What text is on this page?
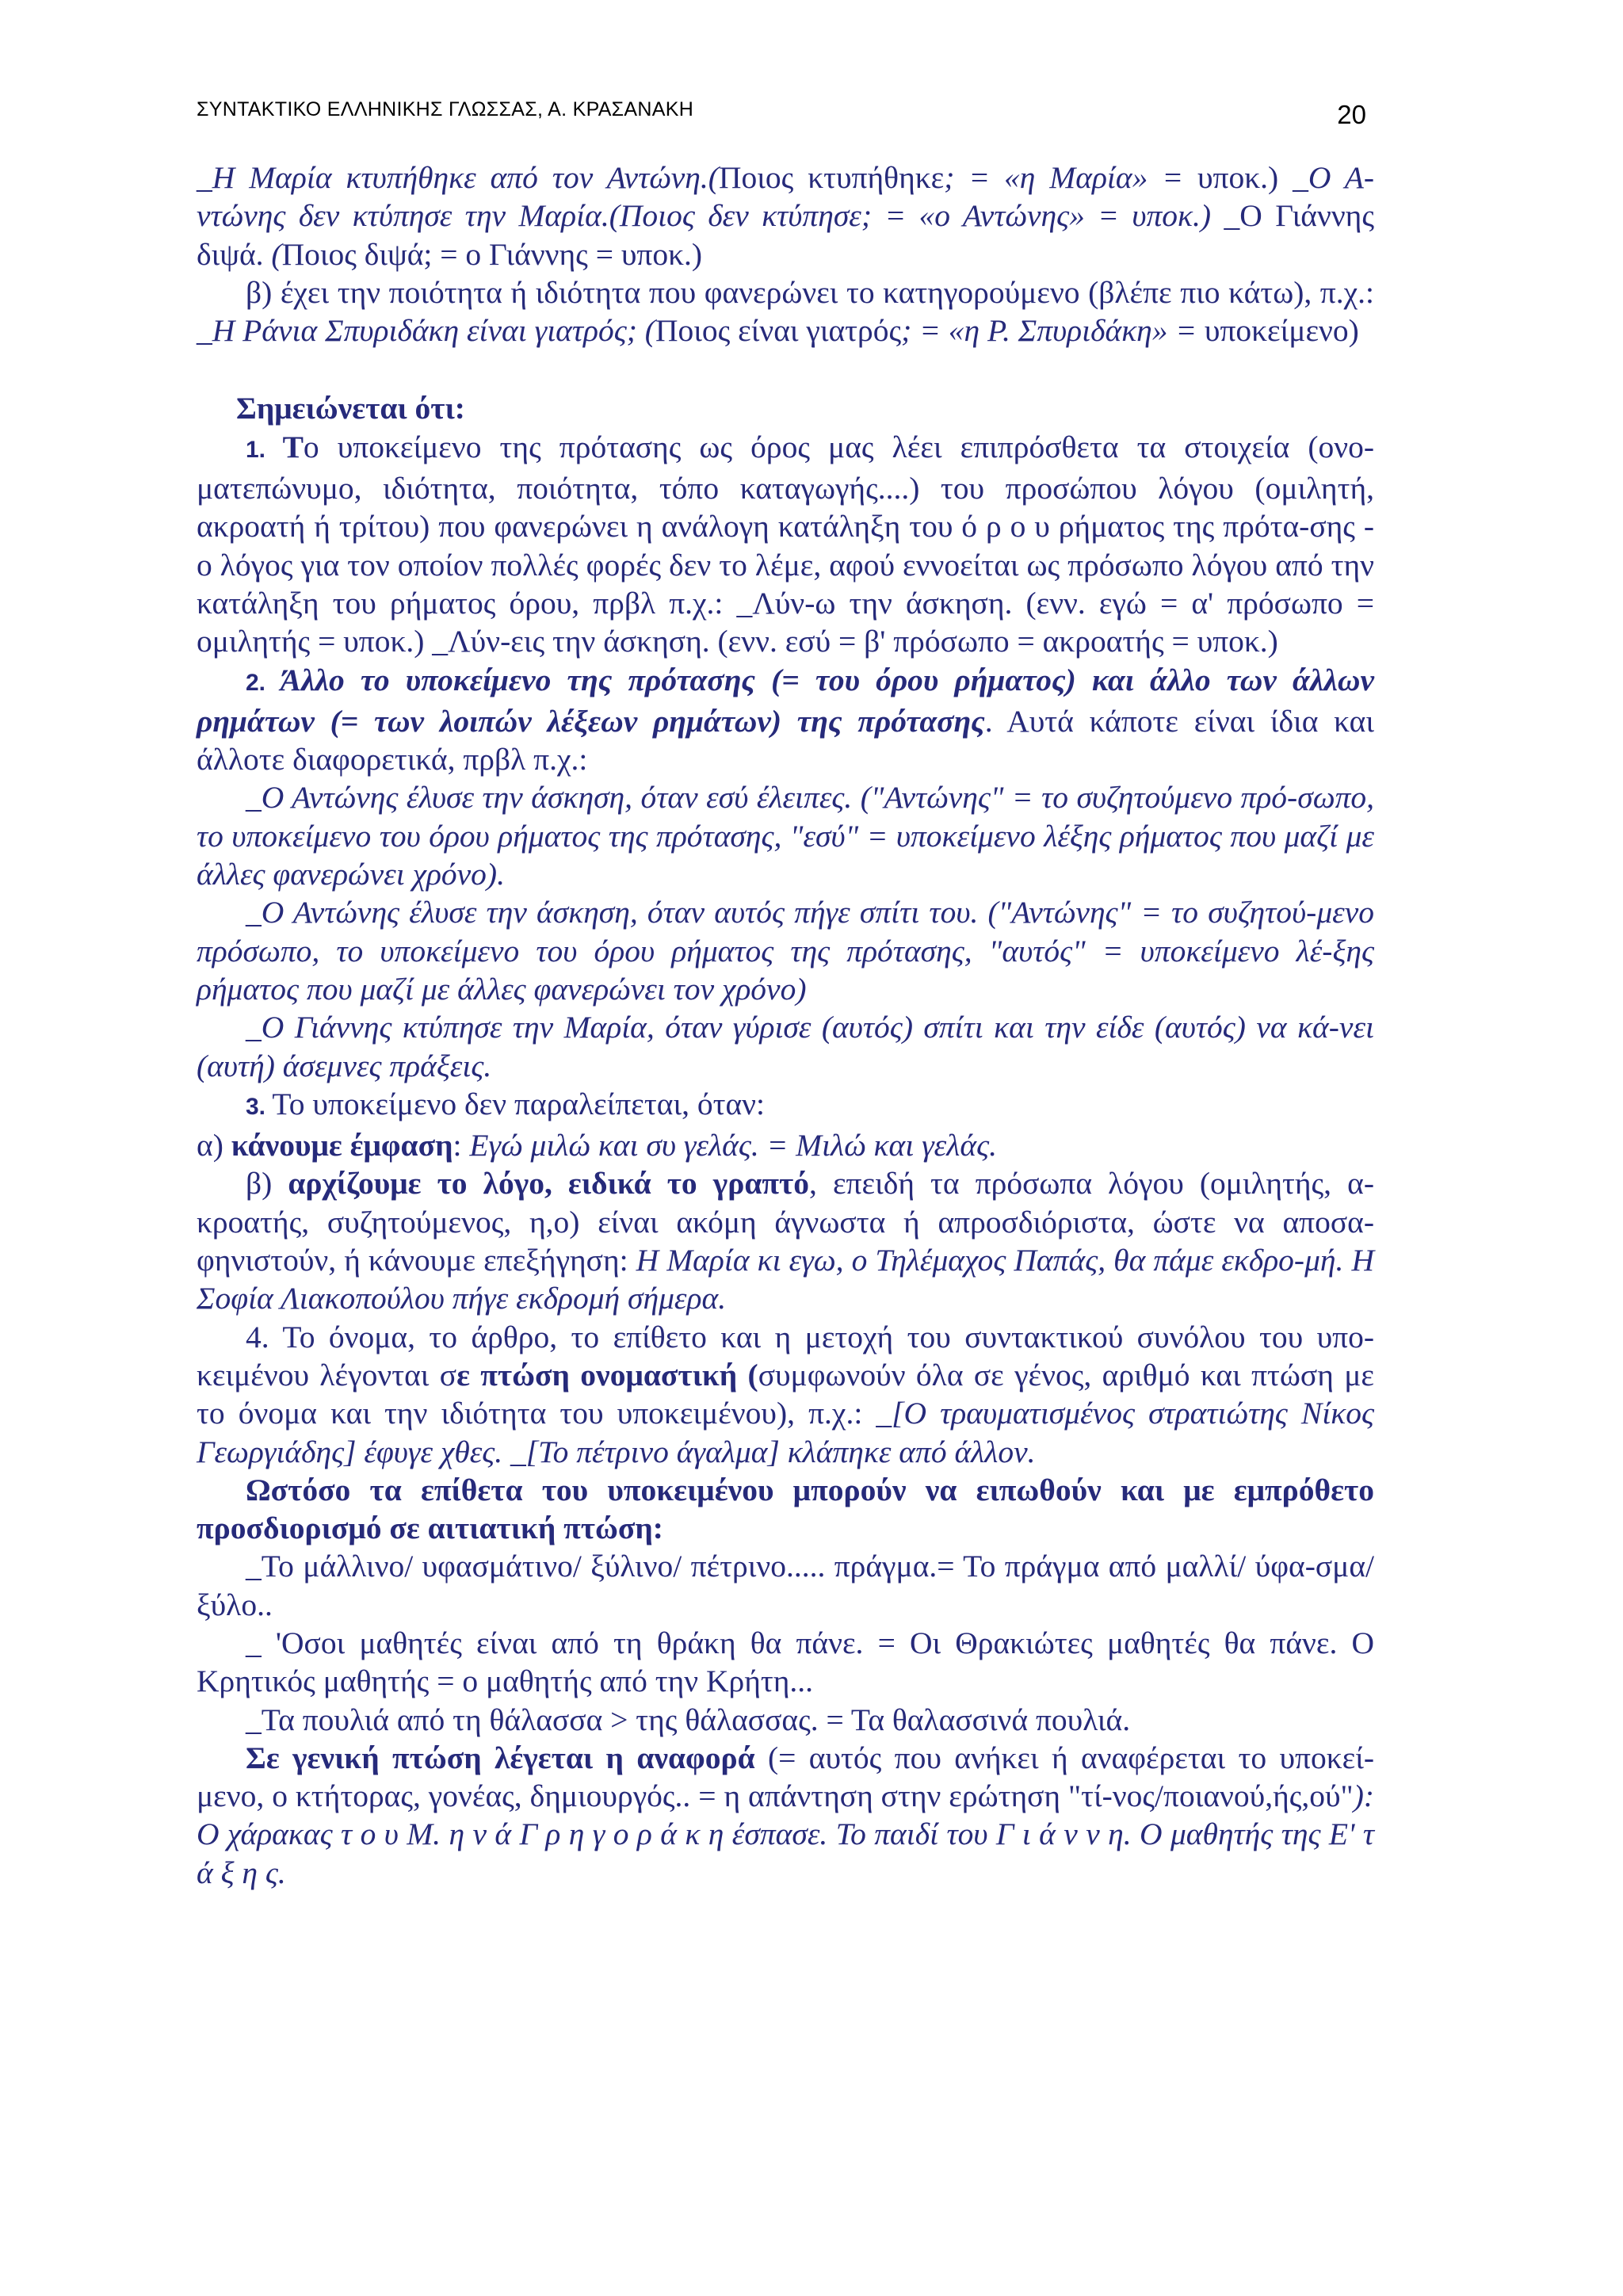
ΣΥΝΤΑΚΤΙΚΟ ΕΛΛΗΝΙΚΗΣ ΓΛΩΣΣΑΣ, Α. ΚΡΑΣΑΝΑΚΗ	20

_Η Μαρία κτυπήθηκε από τον Αντώνη.(Ποιος κτυπήθηκε; = «η Μαρία» = υποκ.) _Ο Α-ντώνης δεν κτύπησε την Μαρία.(Ποιος δεν κτύπησε; = «ο Αντώνης» = υποκ.) _Ο Γιάννης διψά. (Ποιος διψά; = ο Γιάννης = υποκ.)

β) έχει την ποιότητα ή ιδιότητα που φανερώνει το κατηγορούμενο (βλέπε πιο κάτω), π.χ.: _Η Ράνια Σπυριδάκη είναι γιατρός; (Ποιος είναι γιατρός; = «η Ρ. Σπυριδάκη» = υποκείμενο)

Σημειώνεται ότι:

1. Το υποκείμενο της πρότασης ως όρος μας λέει επιπρόσθετα τα στοιχεία (ονο-ματεπώνυμο, ιδιότητα, ποιότητα, τόπο καταγωγής....) του προσώπου λόγου (ομιλητή, ακροατή ή τρίτου) που φανερώνει η ανάλογη κατάληξη του ό ρ ο υ ρήματος της πρότα-σης - ο λόγος για τον οποίον πολλές φορές δεν το λέμε, αφού εννοείται ως πρόσωπο λόγου από την κατάληξη του ρήματος όρου, πρβλ π.χ.: _Λύν-ω την άσκηση. (ενν. εγώ = α' πρόσωπο = ομιλητής = υποκ.) _Λύν-εις την άσκηση. (ενν. εσύ = β' πρόσωπο = ακροατής = υποκ.)

2. Άλλο το υποκείμενο της πρότασης (= του όρου ρήματος) και άλλο των άλλων ρημάτων (= των λοιπών λέξεων ρημάτων) της πρότασης. Αυτά κάποτε είναι ίδια και άλλοτε διαφορετικά, πρβλ π.χ.:

_Ο Αντώνης έλυσε την άσκηση, όταν εσύ έλειπες. ("Αντώνης" = το συζητούμενο πρό-σωπο, το υποκείμενο του όρου ρήματος της πρότασης, "εσύ" = υποκείμενο λέξης ρήματος που μαζί με άλλες φανερώνει χρόνο).

_Ο Αντώνης έλυσε την άσκηση, όταν αυτός πήγε σπίτι του. ("Αντώνης" = το συζητού-μενο πρόσωπο, το υποκείμενο του όρου ρήματος της πρότασης, "αυτός" = υποκείμενο λέ-ξης ρήματος που μαζί με άλλες φανερώνει τον χρόνο)

_Ο Γιάννης κτύπησε την Μαρία, όταν γύρισε (αυτός) σπίτι και την είδε (αυτός) να κά-νει (αυτή) άσεμνες πράξεις.

3. Το υποκείμενο δεν παραλείπεται, όταν:

α) κάνουμε έμφαση: Εγώ μιλώ και συ γελάς. = Μιλώ και γελάς.

β) αρχίζουμε το λόγο, ειδικά το γραπτό, επειδή τα πρόσωπα λόγου (ομιλητής, α-κροατής, συζητούμενος, η,ο) είναι ακόμη άγνωστα ή απροσδιόριστα, ώστε να αποσα-φηνιστούν, ή κάνουμε επεξήγηση: Η Μαρία κι εγω, ο Τηλέμαχος Παπάς, θα πάμε εκδρο-μή. Η Σοφία Λιακοπούλου πήγε εκδρομή σήμερα.

4. Το όνομα, το άρθρο, το επίθετο και η μετοχή του συντακτικού συνόλου του υπο-κειμένου λέγονται σε πτώση ονομαστική (συμφωνούν όλα σε γένος, αριθμό και πτώση με το όνομα και την ιδιότητα του υποκειμένου), π.χ.: _[Ο τραυματισμένος στρατιώτης Νίκος Γεωργιάδης] έφυγε χθες. _[Το πέτρινο άγαλμα] κλάπηκε από άλλον.

Ωστόσο τα επίθετα του υποκειμένου μπορούν να ειπωθούν και με εμπρόθετο προσδιορισμό σε αιτιατική πτώση:

_Το μάλλινο/ υφασμάτινο/ ξύλινο/ πέτρινο..... πράγμα.= Το πράγμα από μαλλί/ ύφα-σμα/ ξύλο..

_ 'Οσοι μαθητές είναι από τη θράκη θα πάνε. = Οι Θρακιώτες μαθητές θα πάνε. Ο Κρητικός μαθητής = ο μαθητής από την Κρήτη...

_Τα πουλιά από τη θάλασσα > της θάλασσας. = Τα θαλασσινά πουλιά.

Σε γενική πτώση λέγεται η αναφορά (= αυτός που ανήκει ή αναφέρεται το υποκεί-μενο, ο κτήτορας, γονέας, δημιουργός.. = η απάντηση στην ερώτηση "τί-νος/ποιανού,ής,ού"): Ο χάρακας τ ο υ Μ. η ν ά Γ ρ η γ ο ρ ά κ η έσπασε. Το παιδί του Γ ι ά ν ν η. Ο μαθητής της Ε' τ ά ξ η ς.
